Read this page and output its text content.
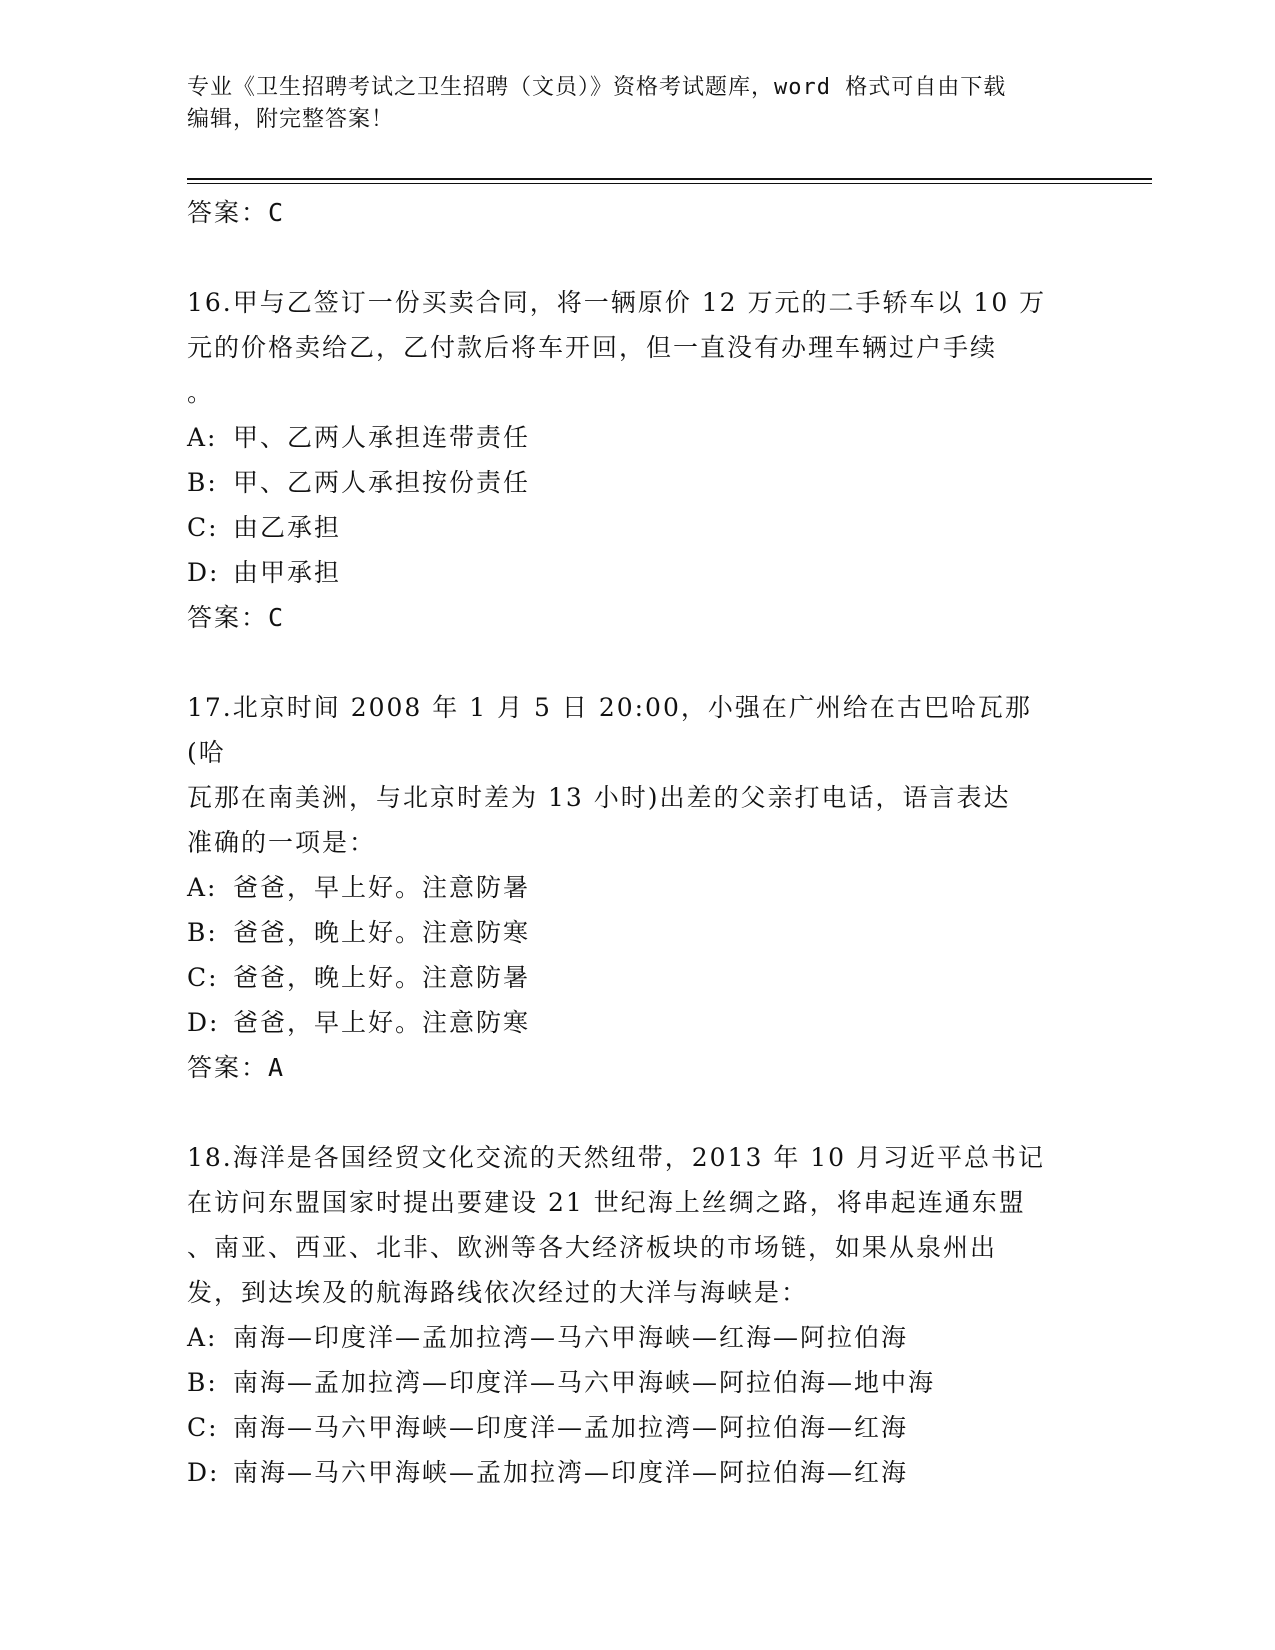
专业《卫生招聘考试之卫生招聘（文员）》资格考试题库，word 格式可自由下载
编辑，附完整答案！
答案：C
16.甲与乙签订一份买卖合同，将一辆原价 12 万元的二手轿车以 10 万
元的价格卖给乙，乙付款后将车开回，但一直没有办理车辆过户手续
。
A: 甲、乙两人承担连带责任
B: 甲、乙两人承担按份责任
C: 由乙承担
D: 由甲承担
答案：C
17.北京时间 2008 年 1 月 5 日 20:00，小强在广州给在古巴哈瓦那(哈
瓦那在南美洲，与北京时差为 13 小时)出差的父亲打电话，语言表达
准确的一项是：
A: 爸爸，早上好。注意防暑
B: 爸爸，晚上好。注意防寒
C: 爸爸，晚上好。注意防暑
D: 爸爸，早上好。注意防寒
答案：A
18.海洋是各国经贸文化交流的天然纽带，2013 年 10 月习近平总书记
在访问东盟国家时提出要建设 21 世纪海上丝绸之路，将串起连通东盟
、南亚、西亚、北非、欧洲等各大经济板块的市场链，如果从泉州出
发，到达埃及的航海路线依次经过的大洋与海峡是：
A: 南海—印度洋—孟加拉湾—马六甲海峡—红海—阿拉伯海
B: 南海—孟加拉湾—印度洋—马六甲海峡—阿拉伯海—地中海
C: 南海—马六甲海峡—印度洋—孟加拉湾—阿拉伯海—红海
D: 南海—马六甲海峡—孟加拉湾—印度洋—阿拉伯海—红海
